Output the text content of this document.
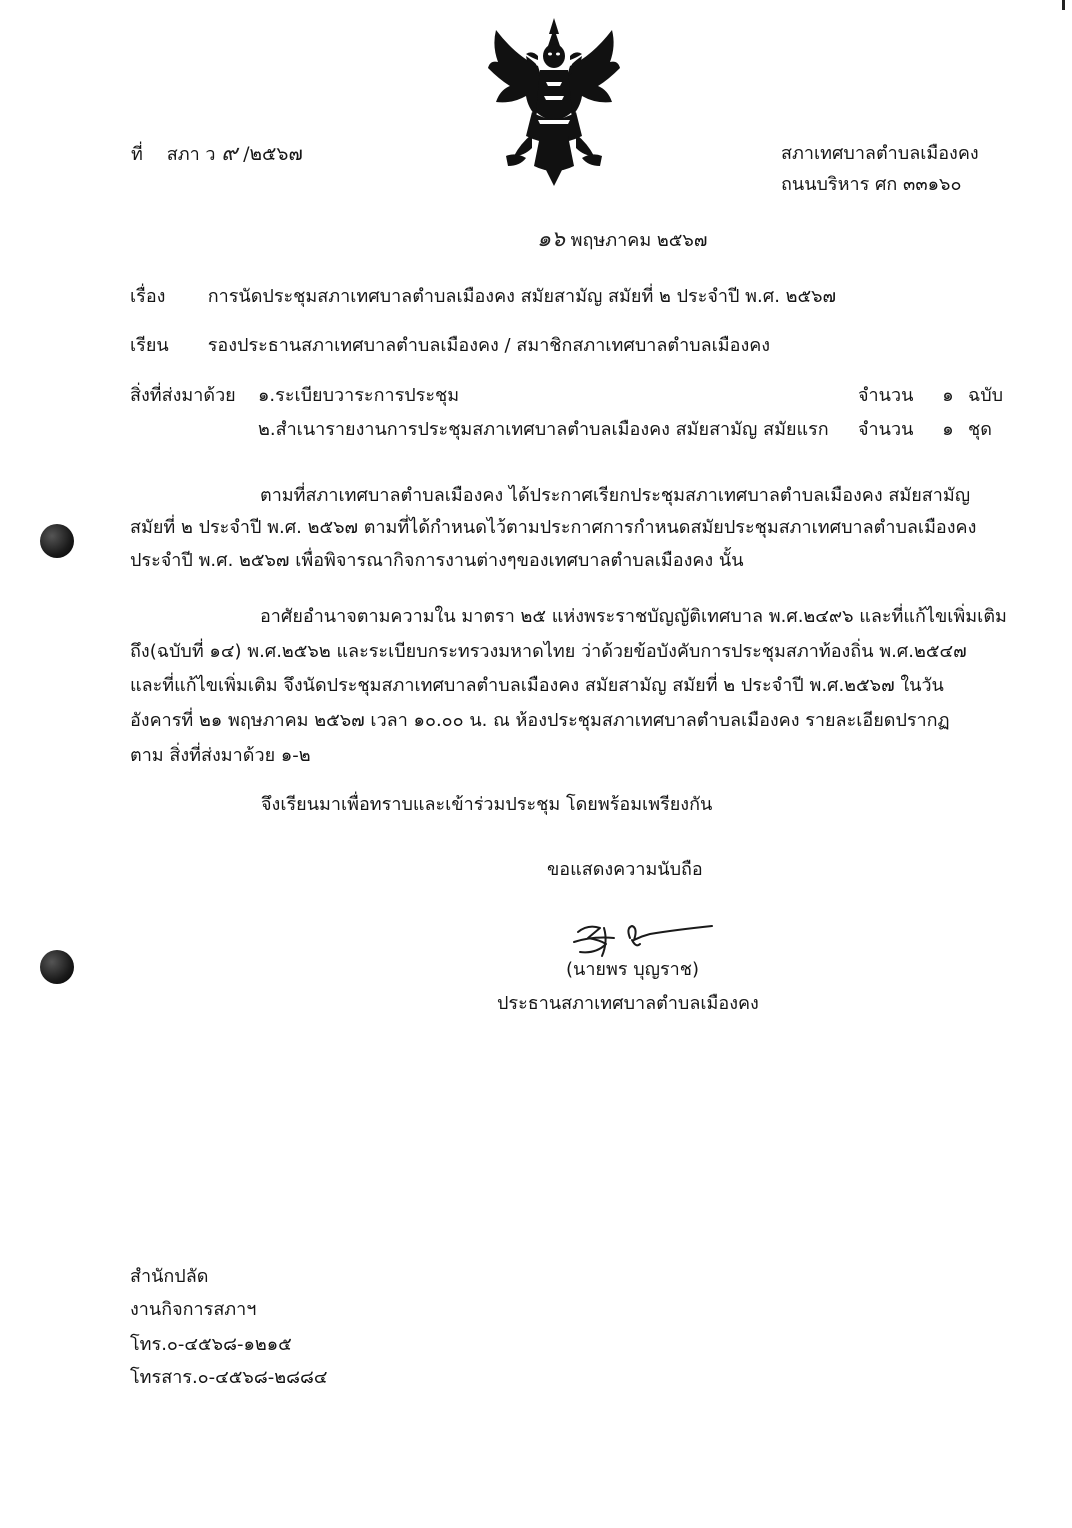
ที่ สภา ว ๙ /๒๕๖๗	สภาเทศบาลตำบลเมืองคง
ถนนบริหาร ศก ๓๓๑๖๐
๑๖ พฤษภาคม ๒๕๖๗
เรื่อง การนัดประชุมสภาเทศบาลตำบลเมืองคง สมัยสามัญ สมัยที่ ๒ ประจำปี พ.ศ. ๒๕๖๗
เรียน รองประธานสภาเทศบาลตำบลเมืองคง / สมาชิกสภาเทศบาลตำบลเมืองคง
สิ่งที่ส่งมาด้วย ๑.ระเบียบวาระการประชุม	จำนวน ๑ ฉบับ
๒.สำเนารายงานการประชุมสภาเทศบาลตำบลเมืองคง สมัยสามัญ สมัยแรก จำนวน ๑ ชุด
ตามที่สภาเทศบาลตำบลเมืองคง ได้ประกาศเรียกประชุมสภาเทศบาลตำบลเมืองคง สมัยสามัญ
สมัยที่ ๒ ประจำปี พ.ศ. ๒๕๖๗ ตามที่ได้กำหนดไว้ตามประกาศการกำหนดสมัยประชุมสภาเทศบาลตำบลเมืองคง
ประจำปี พ.ศ. ๒๕๖๗ เพื่อพิจารณากิจการงานต่างๆของเทศบาลตำบลเมืองคง นั้น
อาศัยอำนาจตามความใน มาตรา ๒๕ แห่งพระราชบัญญัติเทศบาล พ.ศ.๒๔๙๖ และที่แก้ไขเพิ่มเติม
ถึง(ฉบับที่ ๑๔) พ.ศ.๒๕๖๒ และระเบียบกระทรวงมหาดไทย ว่าด้วยข้อบังคับการประชุมสภาท้องถิ่น พ.ศ.๒๕๔๗
และที่แก้ไขเพิ่มเติม จึงนัดประชุมสภาเทศบาลตำบลเมืองคง สมัยสามัญ สมัยที่ ๒ ประจำปี พ.ศ.๒๕๖๗ ในวัน
อังคารที่ ๒๑ พฤษภาคม ๒๕๖๗ เวลา ๑๐.๐๐ น. ณ ห้องประชุมสภาเทศบาลตำบลเมืองคง รายละเอียดปรากฏ
ตาม สิ่งที่ส่งมาด้วย ๑-๒
จึงเรียนมาเพื่อทราบและเข้าร่วมประชุม โดยพร้อมเพรียงกัน
ขอแสดงความนับถือ
(นายพร บุญราช)
ประธานสภาเทศบาลตำบลเมืองคง
สำนักปลัด
งานกิจการสภาฯ
โทร.๐-๔๕๖๘-๑๒๑๕
โทรสาร.๐-๔๕๖๘-๒๘๘๔
